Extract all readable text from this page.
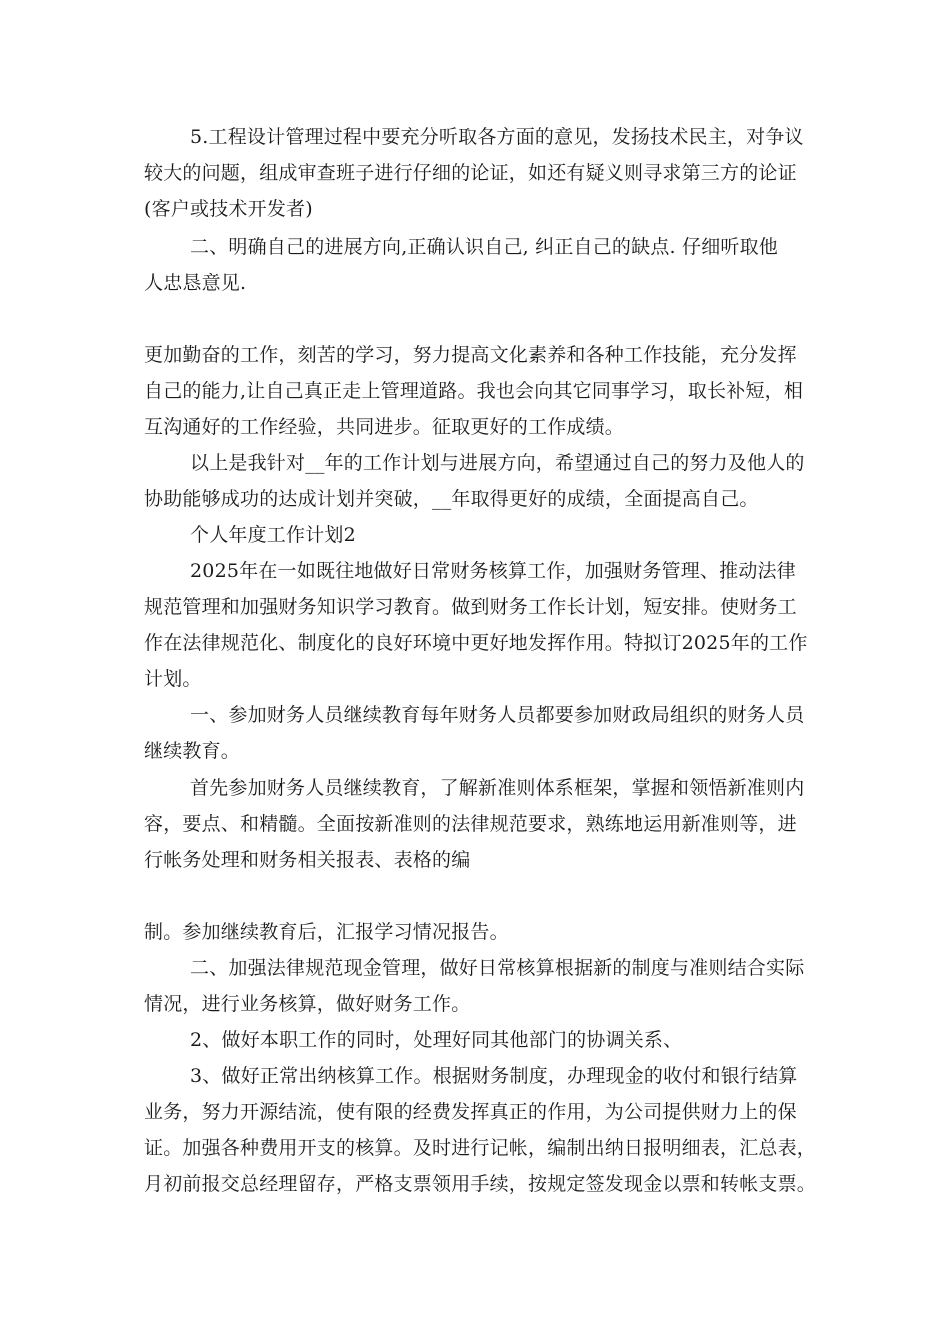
5.工程设计管理过程中要充分听取各方面的意见，发扬技术民主，对争议
较大的问题，组成审查班子进行仔细的论证，如还有疑义则寻求第三方的论证
(客户或技术开发者)
二、明确自己的进展方向,正确认识自己, 纠正自己的缺点. 仔细听取他
人忠恳意见.
更加勤奋的工作，刻苦的学习，努力提高文化素养和各种工作技能，充分发挥
自己的能力,让自己真正走上管理道路。我也会向其它同事学习，取长补短，相
互沟通好的工作经验，共同进步。征取更好的工作成绩。
以上是我针对__年的工作计划与进展方向，希望通过自己的努力及他人的
协助能够成功的达成计划并突破，__年取得更好的成绩，全面提高自己。
个人年度工作计划2
2025年在一如既往地做好日常财务核算工作，加强财务管理、推动法律
规范管理和加强财务知识学习教育。做到财务工作长计划，短安排。使财务工
作在法律规范化、制度化的良好环境中更好地发挥作用。特拟订2025年的工作
计划。
一、参加财务人员继续教育每年财务人员都要参加财政局组织的财务人员
继续教育。
首先参加财务人员继续教育，了解新准则体系框架，掌握和领悟新准则内
容，要点、和精髓。全面按新准则的法律规范要求，熟练地运用新准则等，进
行帐务处理和财务相关报表、表格的编
制。参加继续教育后，汇报学习情况报告。
二、加强法律规范现金管理，做好日常核算根据新的制度与准则结合实际
情况，进行业务核算，做好财务工作。
2、做好本职工作的同时，处理好同其他部门的协调关系、
3、做好正常出纳核算工作。根据财务制度，办理现金的收付和银行结算
业务，努力开源结流，使有限的经费发挥真正的作用，为公司提供财力上的保
证。加强各种费用开支的核算。及时进行记帐，编制出纳日报明细表，汇总表，
月初前报交总经理留存，严格支票领用手续，按规定签发现金以票和转帐支票。
